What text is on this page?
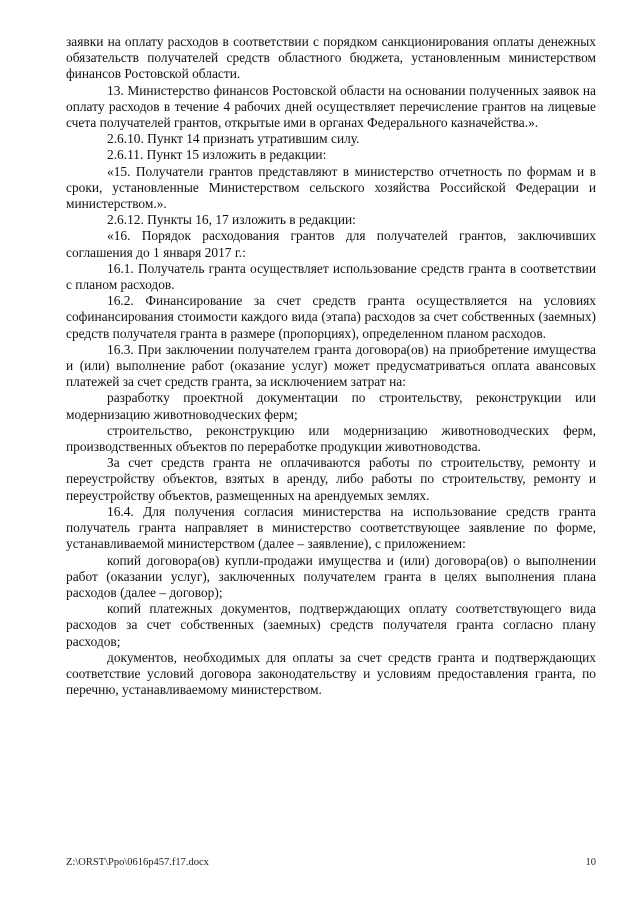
заявки на оплату расходов в соответствии с порядком санкционирования оплаты денежных обязательств получателей средств областного бюджета, установленным министерством финансов Ростовской области.

13. Министерство финансов Ростовской области на основании полученных заявок на оплату расходов в течение 4 рабочих дней осуществляет перечисление грантов на лицевые счета получателей грантов, открытые ими в органах Федерального казначейства.».

2.6.10. Пункт 14 признать утратившим силу.

2.6.11. Пункт 15 изложить в редакции:

«15. Получатели грантов представляют в министерство отчетность по формам и в сроки, установленные Министерством сельского хозяйства Российской Федерации и министерством.».

2.6.12. Пункты 16, 17 изложить в редакции:

«16. Порядок расходования грантов для получателей грантов, заключивших соглашения до 1 января 2017 г.:

16.1. Получатель гранта осуществляет использование средств гранта в соответствии с планом расходов.

16.2. Финансирование за счет средств гранта осуществляется на условиях софинансирования стоимости каждого вида (этапа) расходов за счет собственных (заемных) средств получателя гранта в размере (пропорциях), определенном планом расходов.

16.3. При заключении получателем гранта договора(ов) на приобретение имущества и (или) выполнение работ (оказание услуг) может предусматриваться оплата авансовых платежей за счет средств гранта, за исключением затрат на:

разработку проектной документации по строительству, реконструкции или модернизацию животноводческих ферм;

строительство, реконструкцию или модернизацию животноводческих ферм, производственных объектов по переработке продукции животноводства.

За счет средств гранта не оплачиваются работы по строительству, ремонту и переустройству объектов, взятых в аренду, либо работы по строительству, ремонту и переустройству объектов, размещенных на арендуемых землях.

16.4. Для получения согласия министерства на использование средств гранта получатель гранта направляет в министерство соответствующее заявление по форме, устанавливаемой министерством (далее – заявление), с приложением:

копий договора(ов) купли-продажи имущества и (или) договора(ов) о выполнении работ (оказании услуг), заключенных получателем гранта в целях выполнения плана расходов (далее – договор);

копий платежных документов, подтверждающих оплату соответствующего вида расходов за счет собственных (заемных) средств получателя гранта согласно плану расходов;

документов, необходимых для оплаты за счет средств гранта и подтверждающих соответствие условий договора законодательству и условиям предоставления гранта, по перечню, устанавливаемому министерством.

Z:\ORST\Ppo\0616p457.f17.docx	10
